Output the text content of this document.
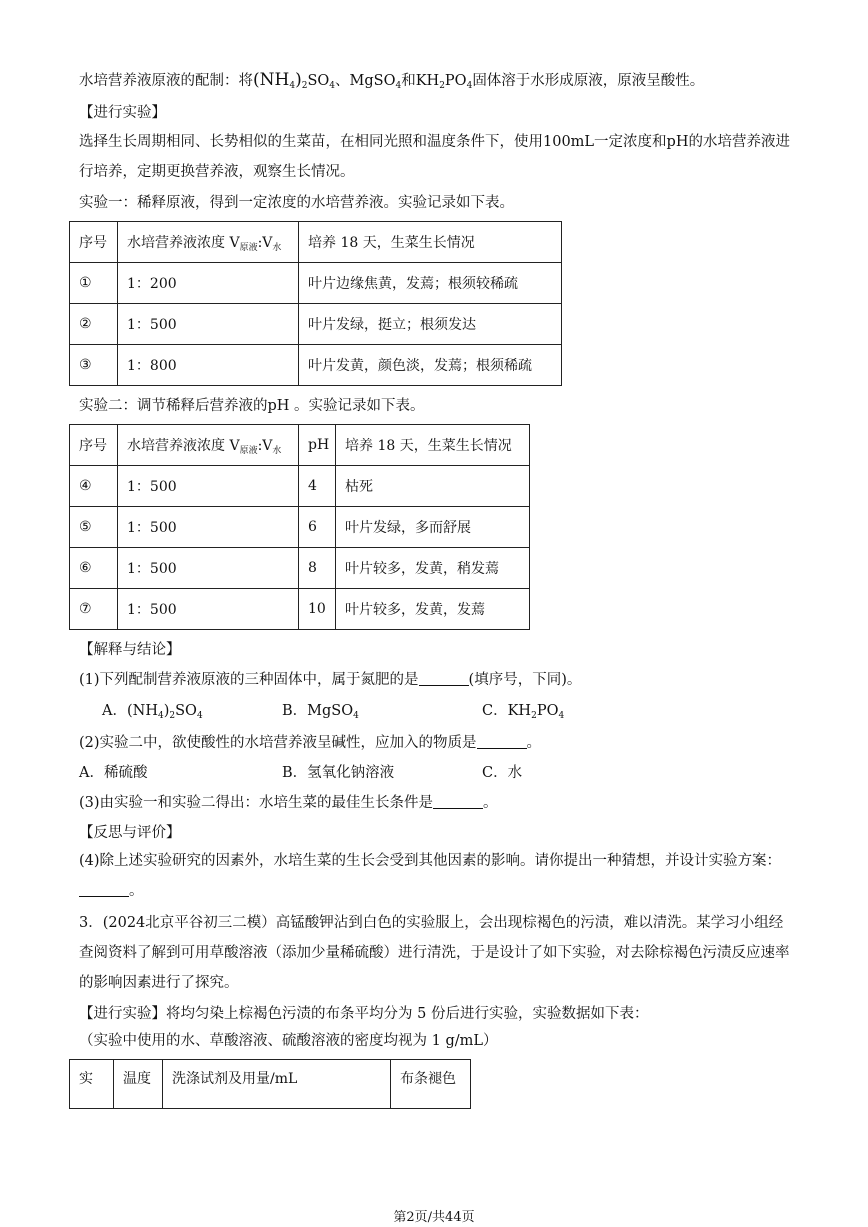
水培营养液原液的配制：将$(NH_4)_2SO_4$、MgSO$_4$和$KH_2PO_4$固体溶于水形成原液，原液呈酸性。
【进行实验】
选择生长周期相同、长势相似的生菜苗，在相同光照和温度条件下，使用100mL一定浓度和pH的水培营养液进行培养，定期更换营养液，观察生长情况。
实验一：稀释原液，得到一定浓度的水培营养液。实验记录如下表。
序号	水培营养液浓度 $V_{原液}:V_水$	培养 18 天，生菜生长情况
①	1：200	叶片边缘焦黄，发蔫；根须较稀疏
②	1：500	叶片发绿，挺立；根须发达
③	1：800	叶片发黄，颜色淡，发蔫；根须稀疏
实验二：调节稀释后营养液的pH 。实验记录如下表。
序号	水培营养液浓度 $V_{原液}:V_水$	pH	培养 18 天，生菜生长情况
④	1：500	4	枯死
⑤	1：500	6	叶片发绿，多而舒展
⑥	1：500	8	叶片较多，发黄，稍发蔫
⑦	1：500	10	叶片较多，发黄，发蔫
【解释与结论】
(1)下列配制营养液原液的三种固体中，属于氮肥的是	(填序号，下同)。
A．$(NH_4)_2SO_4$	B．MgSO$_4$	C．$KH_2PO_4$
(2)实验二中，欲使酸性的水培营养液呈碱性，应加入的物质是	。
A．稀硫酸	B．氢氧化钠溶液	C．水
(3)由实验一和实验二得出：水培生菜的最佳生长条件是	。
【反思与评价】
(4)除上述实验研究的因素外，水培生菜的生长会受到其他因素的影响。请你提出一种猜想，并设计实验方案：。
3．(2024北京平谷初三二模）高锰酸钾沾到白色的实验服上，会出现棕褐色的污渍，难以清洗。某学习小组经查阅资料了解到可用草酸溶液（添加少量稀硫酸）进行清洗，于是设计了如下实验，对去除棕褐色污渍反应速率的影响因素进行了探究。
【进行实验】将均匀染上棕褐色污渍的布条平均分为 5 份后进行实验，实验数据如下表：
（实验中使用的水、草酸溶液、硫酸溶液的密度均视为 1 g/mL）
实	温度	洗涤试剂及用量/mL	布条褪色
第2页/共44页
